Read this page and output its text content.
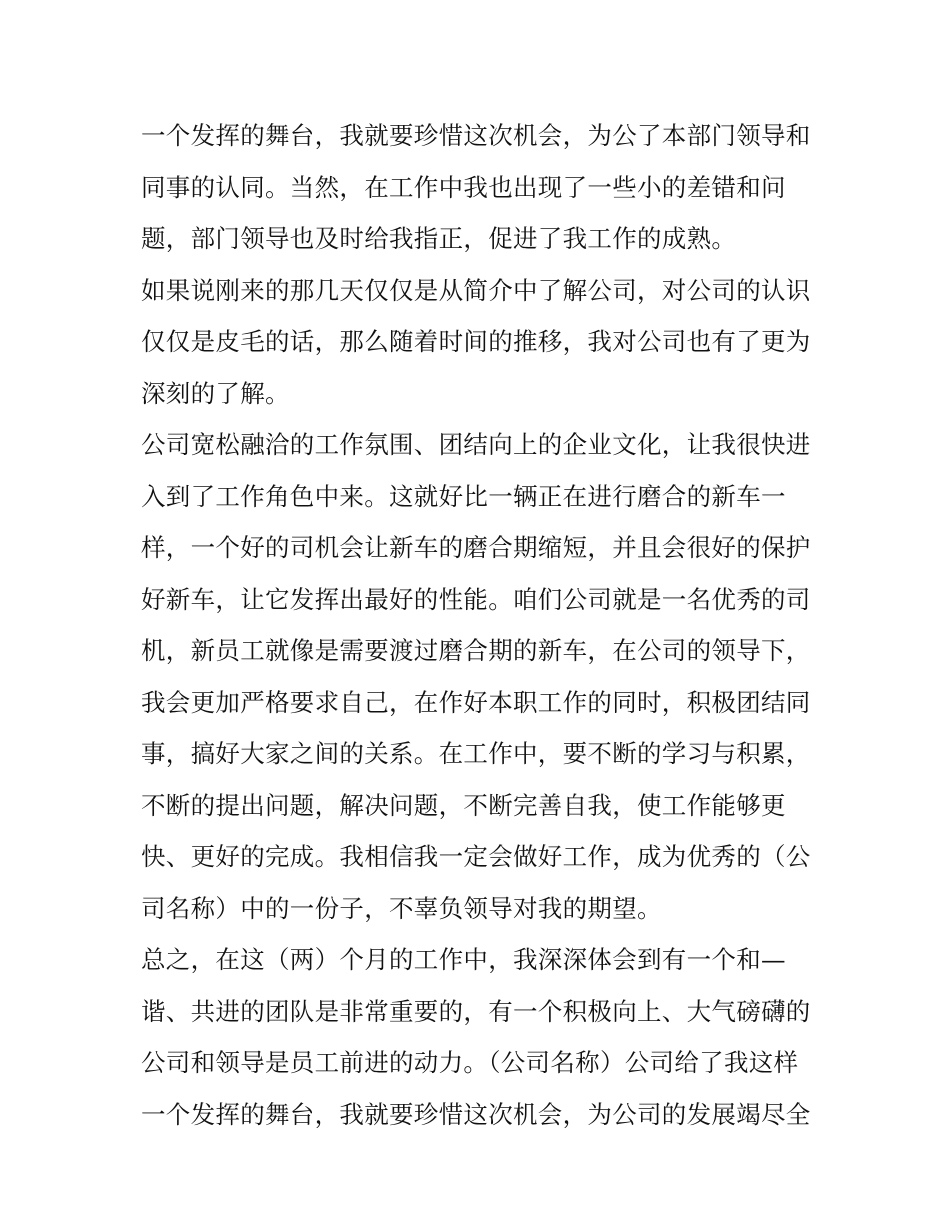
一个发挥的舞台，我就要珍惜这次机会，为公了本部门领导和
同事的认同。当然，在工作中我也出现了一些小的差错和问
题，部门领导也及时给我指正，促进了我工作的成熟。
如果说刚来的那几天仅仅是从简介中了解公司，对公司的认识
仅仅是皮毛的话，那么随着时间的推移，我对公司也有了更为
深刻的了解。
公司宽松融洽的工作氛围、团结向上的企业文化，让我很快进
入到了工作角色中来。这就好比一辆正在进行磨合的新车一
样，一个好的司机会让新车的磨合期缩短，并且会很好的保护
好新车，让它发挥出最好的性能。咱们公司就是一名优秀的司
机，新员工就像是需要渡过磨合期的新车，在公司的领导下，
我会更加严格要求自己，在作好本职工作的同时，积极团结同
事，搞好大家之间的关系。在工作中，要不断的学习与积累，
不断的提出问题，解决问题，不断完善自我，使工作能够更
快、更好的完成。我相信我一定会做好工作，成为优秀的（公
司名称）中的一份子，不辜负领导对我的期望。
总之，在这（两）个月的工作中，我深深体会到有一个和—
谐、共进的团队是非常重要的，有一个积极向上、大气磅礴的
公司和领导是员工前进的动力。（公司名称）公司给了我这样
一个发挥的舞台，我就要珍惜这次机会，为公司的发展竭尽全
